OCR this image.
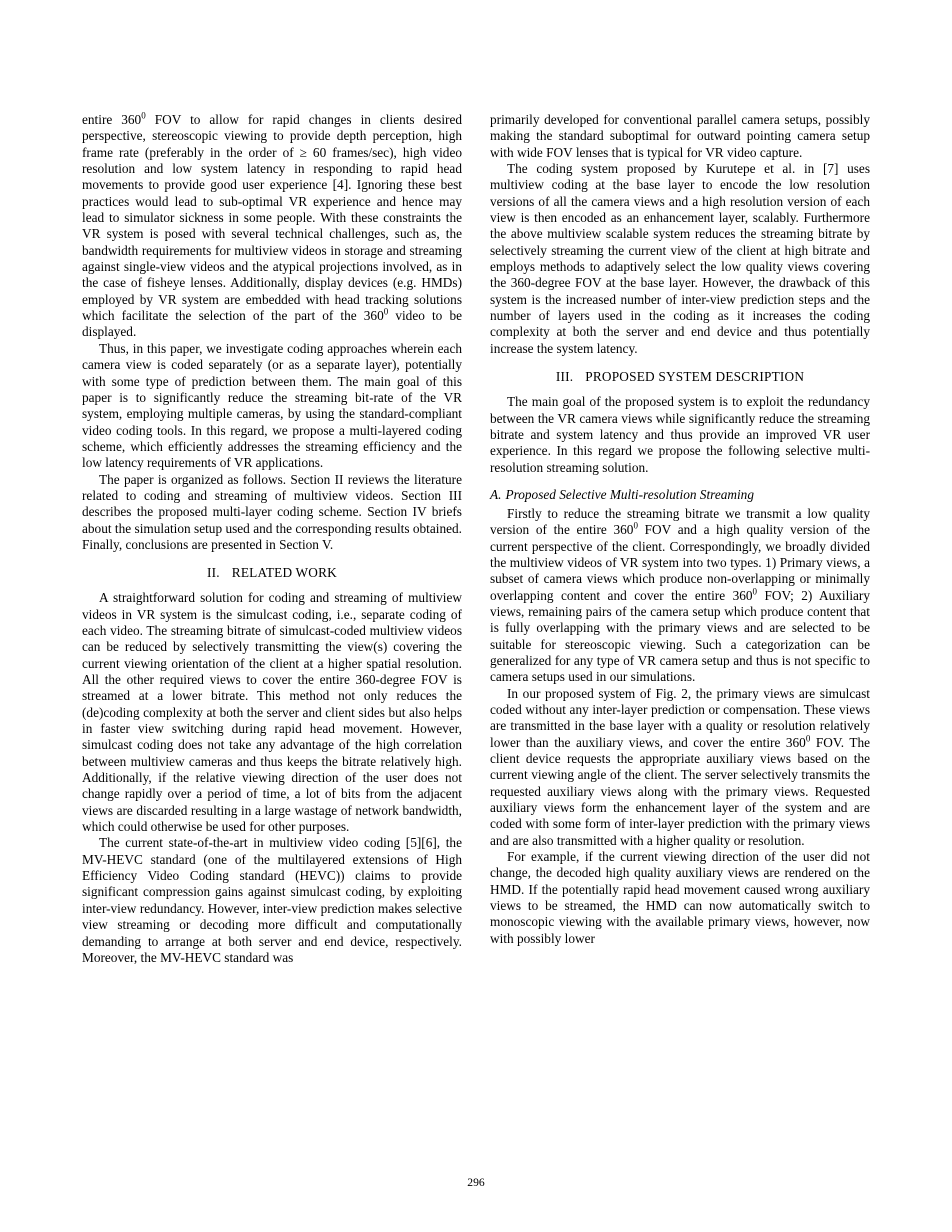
entire $360^0$ FOV to allow for rapid changes in clients desired perspective, stereoscopic viewing to provide depth perception, high frame rate (preferably in the order of ≥ 60 frames/sec), high video resolution and low system latency in responding to rapid head movements to provide good user experience [4]. Ignoring these best practices would lead to sub-optimal VR experience and hence may lead to simulator sickness in some people. With these constraints the VR system is posed with several technical challenges, such as, the bandwidth requirements for multiview videos in storage and streaming against single-view videos and the atypical projections involved, as in the case of fisheye lenses. Additionally, display devices (e.g. HMDs) employed by VR system are embedded with head tracking solutions which facilitate the selection of the part of the $360^0$ video to be displayed.

Thus, in this paper, we investigate coding approaches wherein each camera view is coded separately (or as a separate layer), potentially with some type of prediction between them. The main goal of this paper is to significantly reduce the streaming bit-rate of the VR system, employing multiple cameras, by using the standard-compliant video coding tools. In this regard, we propose a multi-layered coding scheme, which efficiently addresses the streaming efficiency and the low latency requirements of VR applications.

The paper is organized as follows. Section II reviews the literature related to coding and streaming of multiview videos. Section III describes the proposed multi-layer coding scheme. Section IV briefs about the simulation setup used and the corresponding results obtained. Finally, conclusions are presented in Section V.

II. RELATED WORK

A straightforward solution for coding and streaming of multiview videos in VR system is the simulcast coding, i.e., separate coding of each video. The streaming bitrate of simulcast-coded multiview videos can be reduced by selectively transmitting the view(s) covering the current viewing orientation of the client at a higher spatial resolution. All the other required views to cover the entire 360-degree FOV is streamed at a lower bitrate. This method not only reduces the (de)coding complexity at both the server and client sides but also helps in faster view switching during rapid head movement. However, simulcast coding does not take any advantage of the high correlation between multiview cameras and thus keeps the bitrate relatively high. Additionally, if the relative viewing direction of the user does not change rapidly over a period of time, a lot of bits from the adjacent views are discarded resulting in a large wastage of network bandwidth, which could otherwise be used for other purposes.

The current state-of-the-art in multiview video coding [5][6], the MV-HEVC standard (one of the multilayered extensions of High Efficiency Video Coding standard (HEVC)) claims to provide significant compression gains against simulcast coding, by exploiting inter-view redundancy. However, inter-view prediction makes selective view streaming or decoding more difficult and computationally demanding to arrange at both server and end device, respectively. Moreover, the MV-HEVC standard was

primarily developed for conventional parallel camera setups, possibly making the standard suboptimal for outward pointing camera setup with wide FOV lenses that is typical for VR video capture.

The coding system proposed by Kurutepe et al. in [7] uses multiview coding at the base layer to encode the low resolution versions of all the camera views and a high resolution version of each view is then encoded as an enhancement layer, scalably. Furthermore the above multiview scalable system reduces the streaming bitrate by selectively streaming the current view of the client at high bitrate and employs methods to adaptively select the low quality views covering the 360-degree FOV at the base layer. However, the drawback of this system is the increased number of inter-view prediction steps and the number of layers used in the coding as it increases the coding complexity at both the server and end device and thus potentially increase the system latency.

III. PROPOSED SYSTEM DESCRIPTION

The main goal of the proposed system is to exploit the redundancy between the VR camera views while significantly reduce the streaming bitrate and system latency and thus provide an improved VR user experience. In this regard we propose the following selective multi-resolution streaming solution.

A. Proposed Selective Multi-resolution Streaming

Firstly to reduce the streaming bitrate we transmit a low quality version of the entire $360^0$ FOV and a high quality version of the current perspective of the client. Correspondingly, we broadly divided the multiview videos of VR system into two types. 1) Primary views, a subset of camera views which produce non-overlapping or minimally overlapping content and cover the entire $360^0$ FOV; 2) Auxiliary views, remaining pairs of the camera setup which produce content that is fully overlapping with the primary views and are selected to be suitable for stereoscopic viewing. Such a categorization can be generalized for any type of VR camera setup and thus is not specific to camera setups used in our simulations.

In our proposed system of Fig. 2, the primary views are simulcast coded without any inter-layer prediction or compensation. These views are transmitted in the base layer with a quality or resolution relatively lower than the auxiliary views, and cover the entire $360^0$ FOV. The client device requests the appropriate auxiliary views based on the current viewing angle of the client. The server selectively transmits the requested auxiliary views along with the primary views. Requested auxiliary views form the enhancement layer of the system and are coded with some form of inter-layer prediction with the primary views and are also transmitted with a higher quality or resolution.

For example, if the current viewing direction of the user did not change, the decoded high quality auxiliary views are rendered on the HMD. If the potentially rapid head movement caused wrong auxiliary views to be streamed, the HMD can now automatically switch to monoscopic viewing with the available primary views, however, now with possibly lower

296
